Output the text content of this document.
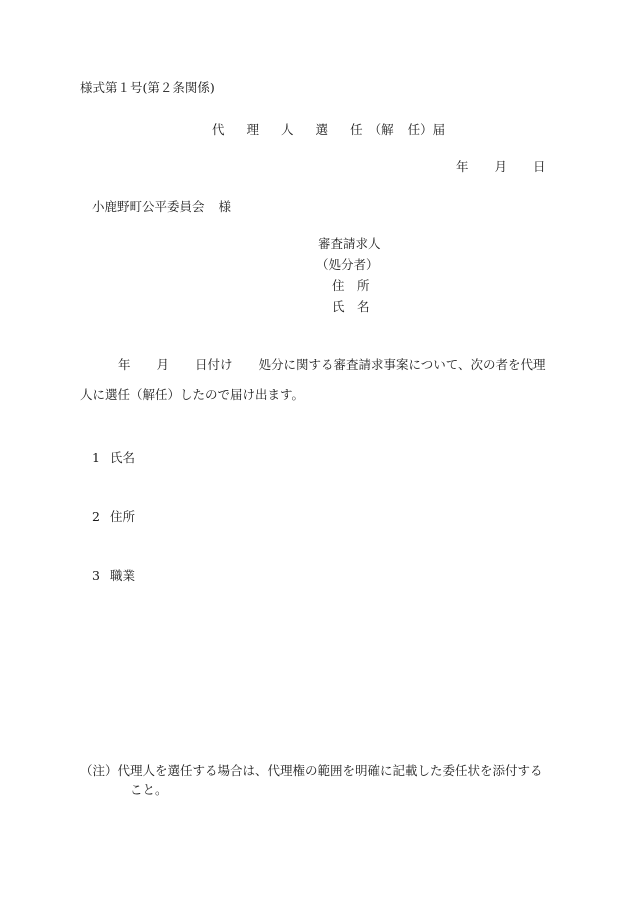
様式第１号(第２条関係)
代 理 人 選 任 （解 任）届
年 月 日
小鹿野町公平委員会 様
審査請求人
（処分者）
住　所
氏　名
年 月 日付け 処分に関する審査請求事案について、次の者を代理
人に選任（解任）したので届け出ます。
1 氏名
2 住所
3 職業
（注）代理人を選任する場合は、代理権の範囲を明確に記載した委任状を添付する
こと。
